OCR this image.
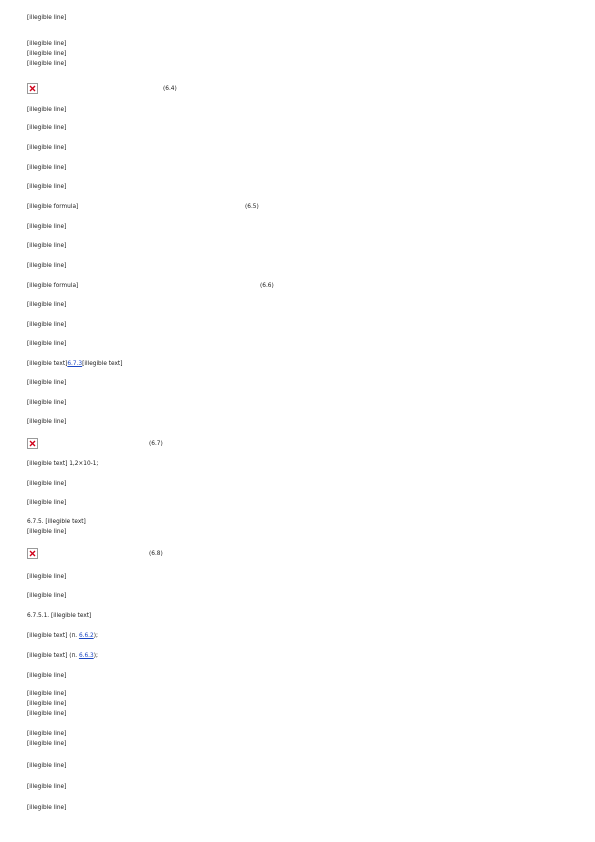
[illegible line]
[illegible line]
[illegible line]
[illegible line]
(6.4)
[illegible line]
[illegible line]
[illegible line]
[illegible line]
[illegible line]
[illegible formula]	(6.5)
[illegible line]
[illegible line]
[illegible line]
[illegible formula]	(6.6)
[illegible line]
[illegible line]
[illegible line]
[illegible text]6.7.3[illegible text]
[illegible line]
[illegible line]
[illegible line]
(6.7)
[illegible text] 1,2×10-1;
[illegible line]
[illegible line]
6.7.5. [illegible text]
[illegible line]
(6.8)
[illegible line]
[illegible line]
6.7.5.1. [illegible text]
[illegible text] (п. 6.6.2);
[illegible text] (п. 6.6.3);
[illegible line]
[illegible line]
[illegible line]
[illegible line]
[illegible line]
[illegible line]
[illegible line]
[illegible line]
[illegible line]
